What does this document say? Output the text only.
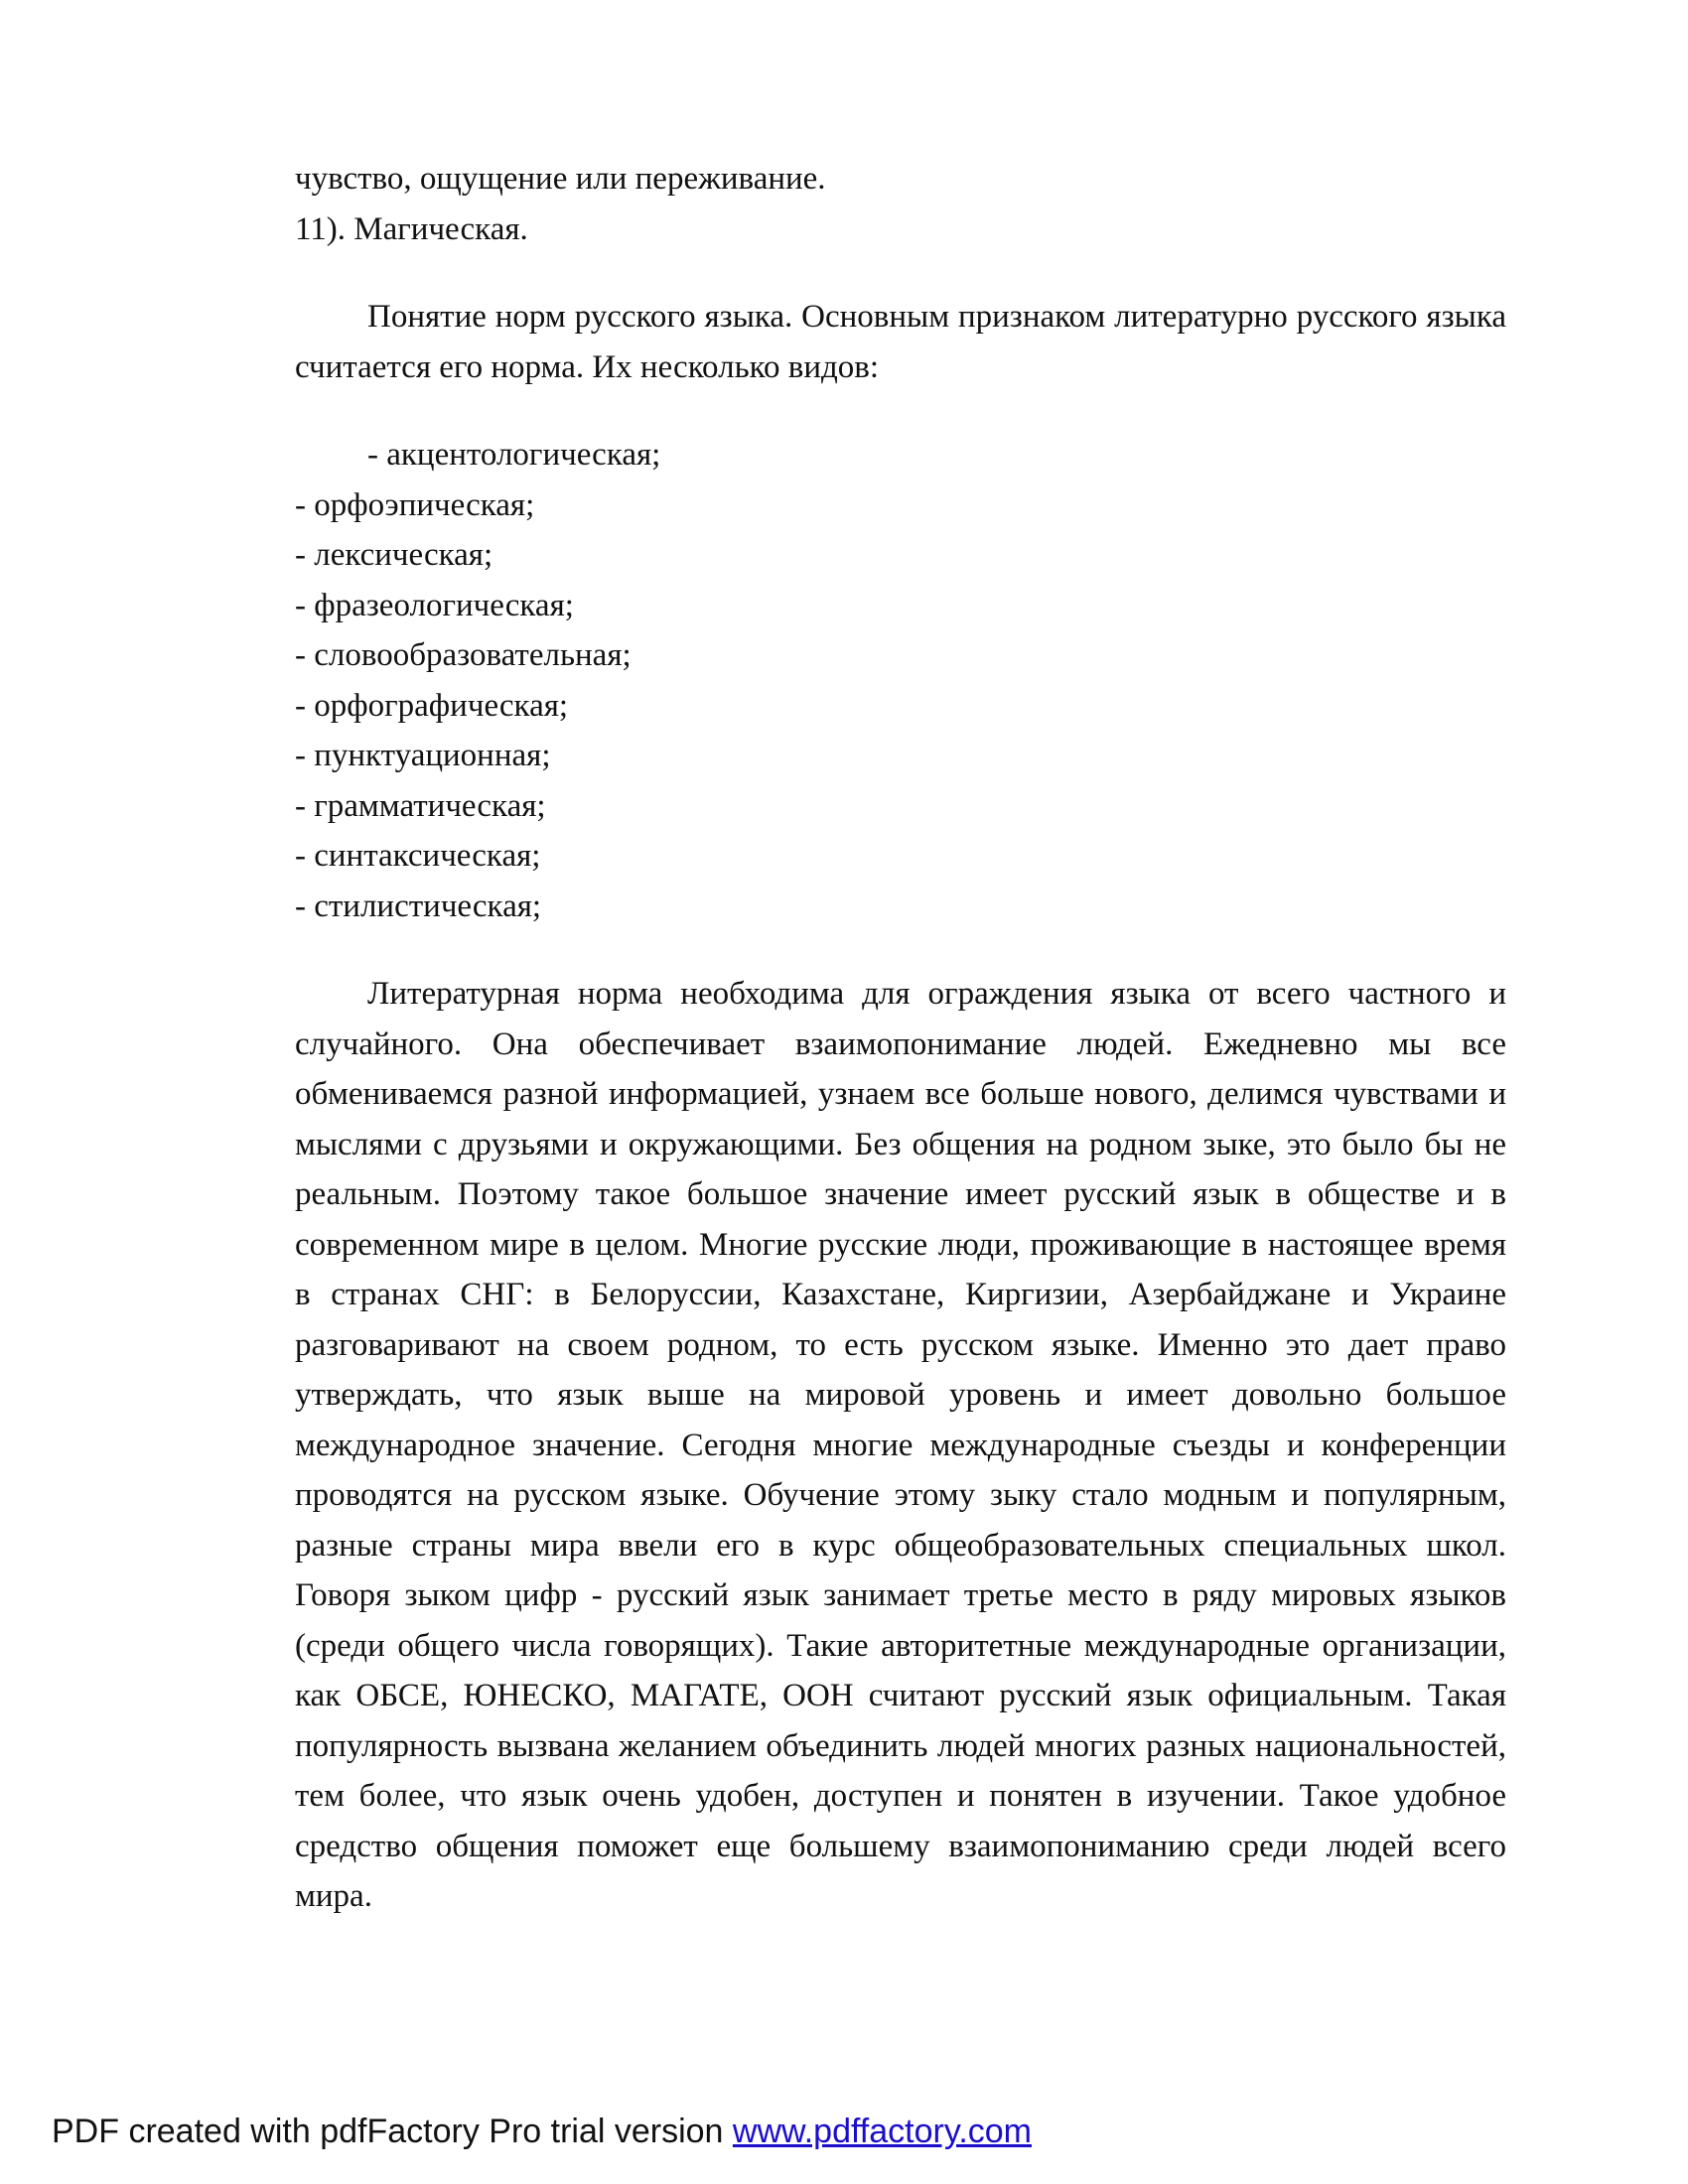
чувство, ощущение или переживание.

11). Магическая.

Понятие норм русского языка. Основным признаком литературно русского языка считается его норма. Их несколько видов:

- акцентологическая;

- орфоэпическая;

- лексическая;

- фразеологическая;

- словообразовательная;

- орфографическая;

- пунктуационная;

- грамматическая;

- синтаксическая;

- стилистическая;

Литературная норма необходима для ограждения языка от всего частного и случайного. Она обеспечивает взаимопонимание людей. Ежедневно мы все обмениваемся разной информацией, узнаем все больше нового, делимся чувствами и мыслями с друзьями и окружающими. Без общения на родном зыке, это было бы не реальным. Поэтому такое большое значение имеет русский язык в обществе и в современном мире в целом. Многие русские люди, проживающие в настоящее время в странах СНГ: в Белоруссии, Казахстане, Киргизии, Азербайджане и Украине разговаривают на своем родном, то есть русском языке. Именно это дает право утверждать, что язык выше на мировой уровень и имеет довольно большое международное значение. Сегодня многие международные съезды и конференции проводятся на русском языке. Обучение этому зыку стало модным и популярным, разные страны мира ввели его в курс общеобразовательных специальных школ. Говоря зыком цифр - русский язык занимает третье место в ряду мировых языков (среди общего числа говорящих). Такие авторитетные международные организации, как ОБСЕ, ЮНЕСКО, МАГАТЕ, ООН считают русский язык официальным. Такая популярность вызвана желанием объединить людей многих разных национальностей, тем более, что язык очень удобен, доступен и понятен в изучении. Такое удобное средство общения поможет еще большему взаимопониманию среди людей всего мира.

PDF created with pdfFactory Pro trial version www.pdffactory.com
